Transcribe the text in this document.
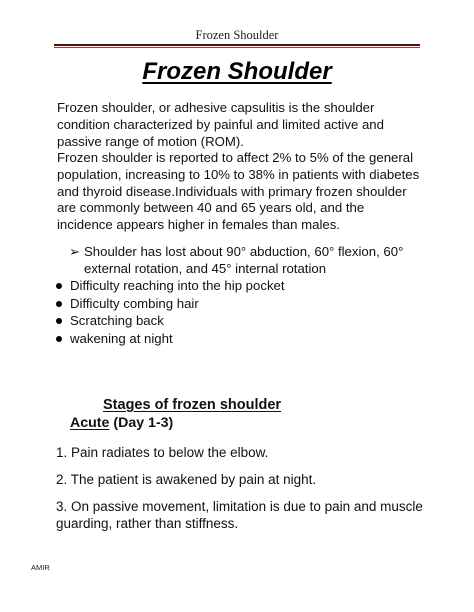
Frozen Shoulder
Frozen Shoulder
Frozen shoulder, or adhesive capsulitis is the shoulder condition characterized by painful and limited active and passive range of motion (ROM).
Frozen shoulder is reported to affect 2% to 5% of the general population, increasing to 10% to 38% in patients with diabetes and thyroid disease.Individuals with primary frozen shoulder are commonly between 40 and 65 years old, and the incidence appears higher in females than males.
➢ Shoulder has lost about 90° abduction, 60° flexion, 60° external rotation, and 45° internal rotation
Difficulty reaching into the hip pocket
Difficulty combing hair
Scratching back
wakening at night
Stages of frozen shoulder
Acute (Day 1-3)
1. Pain radiates to below the elbow.
2. The patient is awakened by pain at night.
3. On passive movement, limitation is due to pain and muscle guarding, rather than stiffness.
AMIR
